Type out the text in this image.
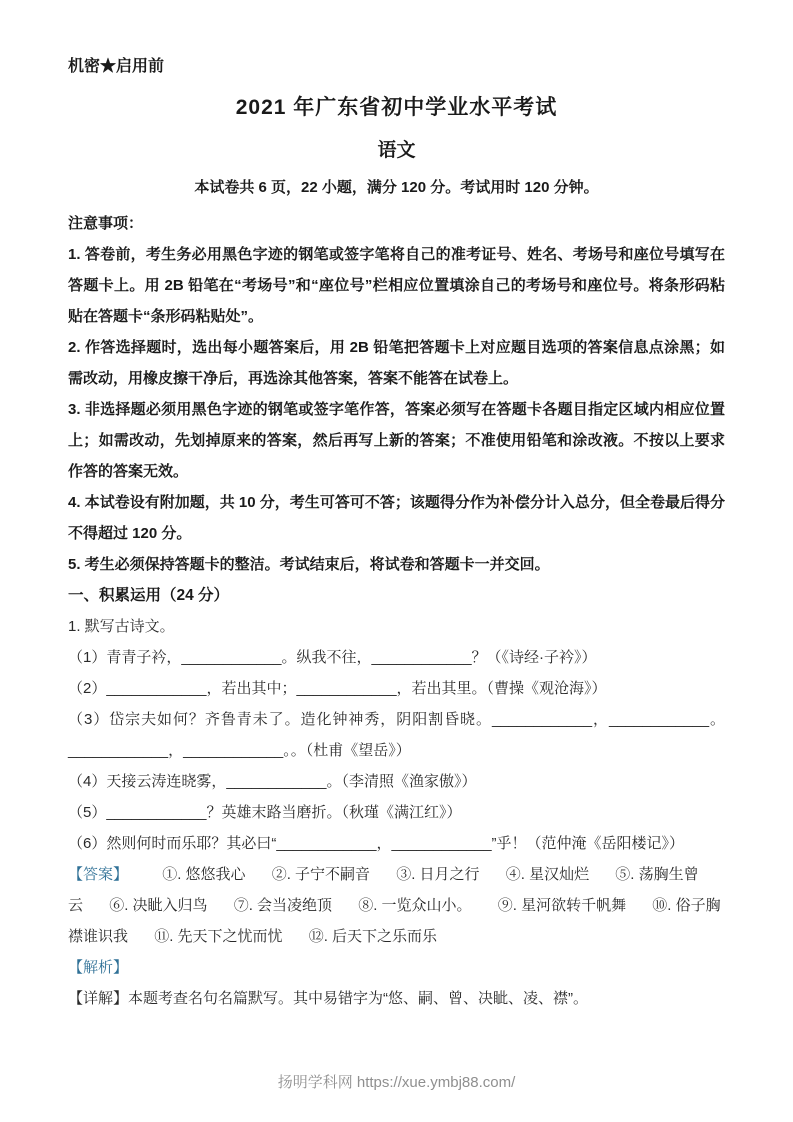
机密★启用前
2021 年广东省初中学业水平考试
语文
本试卷共 6 页，22 小题，满分 120 分。考试用时 120 分钟。
注意事项：

1. 答卷前，考生务必用黑色字迹的钢笔或签字笔将自己的准考证号、姓名、考场号和座位号填写在答题卡上。用 2B 铅笔在“考场号”和“座位号”栏相应位置填涂自己的考场号和座位号。将条形码粘贴在答题卡“条形码粘贴处”。

2. 作答选择题时，选出每小题答案后，用 2B 铅笔把答题卡上对应题目选项的答案信息点涂黑；如需改动，用橡皮擦干净后，再选涂其他答案，答案不能答在试卷上。

3. 非选择题必须用黑色字迹的钢笔或签字笔作答，答案必须写在答题卡各题目指定区域内相应位置上；如需改动，先划掉原来的答案，然后再写上新的答案；不准使用铅笔和涂改液。不按以上要求作答的答案无效。

4. 本试卷设有附加题，共 10 分，考生可答可不答；该题得分作为补偿分计入总分，但全卷最后得分不得超过 120 分。

5. 考生必须保持答题卡的整洁。考试结束后，将试卷和答题卡一并交回。

一、积累运用（24 分）

1. 默写古诗文。

（1）青青子衿，____________。纵我不往，____________？（《诗经·子衿》）

（2）____________，若出其中；____________，若出其里。（曹操《观沧海》）

（3）岱宗夫如何？齐鲁青未了。造化钟神秀，阴阳割昏晓。____________，____________。____________，____________。。（杜甫《望岳》）

（4）天接云涛连晓雾，____________。（李清照《渔家傲》）

（5）____________？英雄末路当磨折。（秋瑾《满江红》）

（6）然则何时而乐耶？其必曰“____________，____________”乎！（范仲淹《岳阳楼记》）

【答案】 ①. 悠悠我心 ②. 子宁不嗣音 ③. 日月之行 ④. 星汉灿烂 ⑤. 荡胸生曾云 ⑥. 决眦入归鸟 ⑦. 会当凌绝顶 ⑧. 一览众山小。 ⑨. 星河欲转千帆舞 ⑩. 俗子胸襟谁识我 ⑪. 先天下之忧而忧 ⑫. 后天下之乐而乐

【解析】

【详解】本题考查名句名篇默写。其中易错字为“悠、嗣、曾、决眦、凌、襟”。

扬明学科网 https://xue.ymbj88.com/
